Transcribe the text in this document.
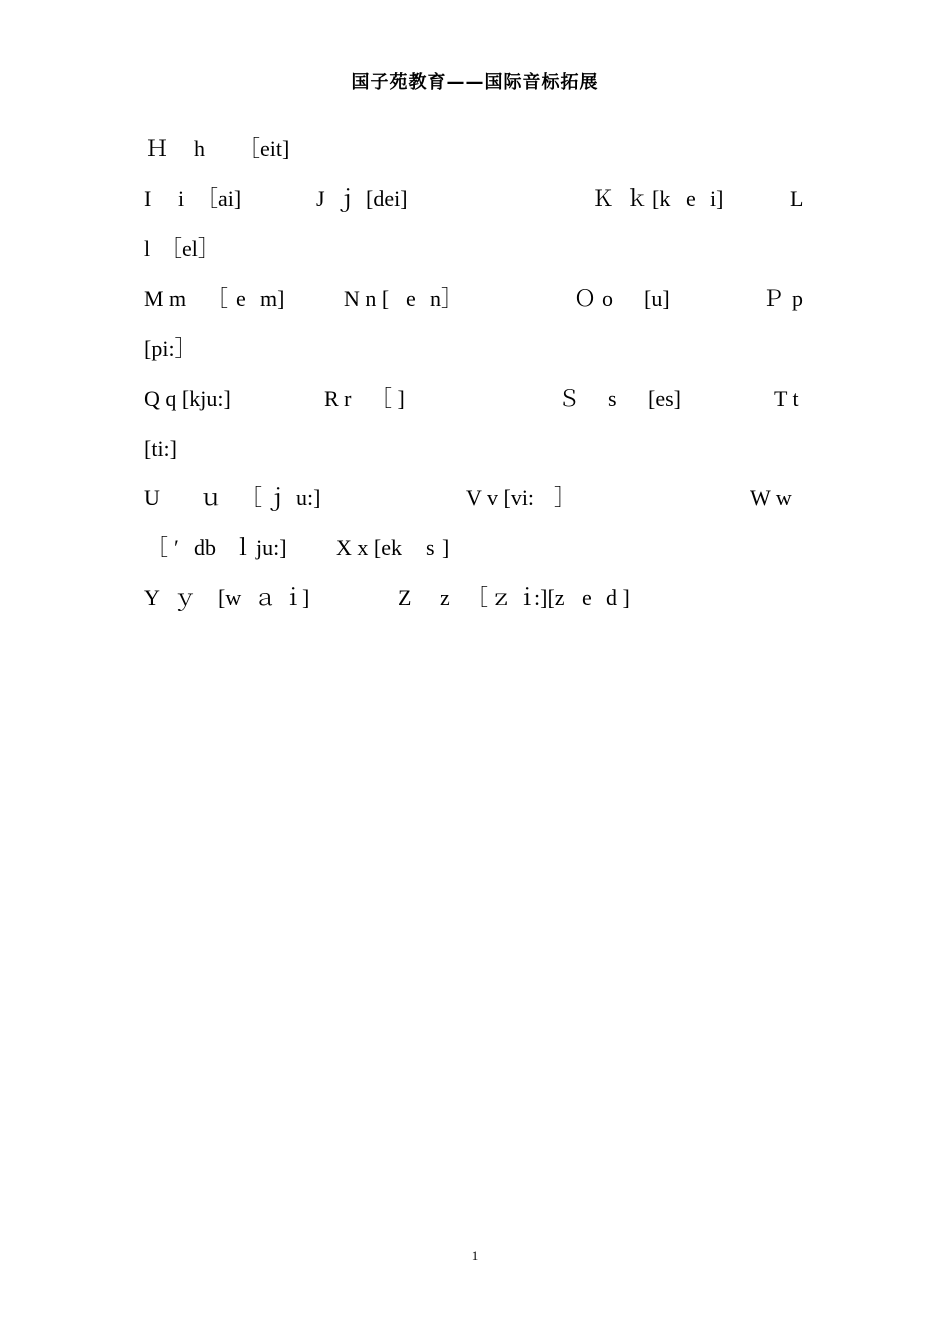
国子苑教育——国际音标拓展
Ｈ h ［eit]
I i ［ai]	J ｊ [dei]	Ｋ ｋ [k e i]	L
l ［el］
M m ［ e m]	N n [ e n］	Ｏ o [u]	Ｐ p
[pi:］
Q q [kju:]	R r ［ ]	Ｓ s [es]	T t
[ti:]
U ｕ ［ ｊ u:]	V v [vi: ］	W w
［ ′ db ｌ ju:] X x [ek s ]
Y ｙ [w ａ ｉ
]	Z z ［ ｚ ｉ
:][z e d ]
1
